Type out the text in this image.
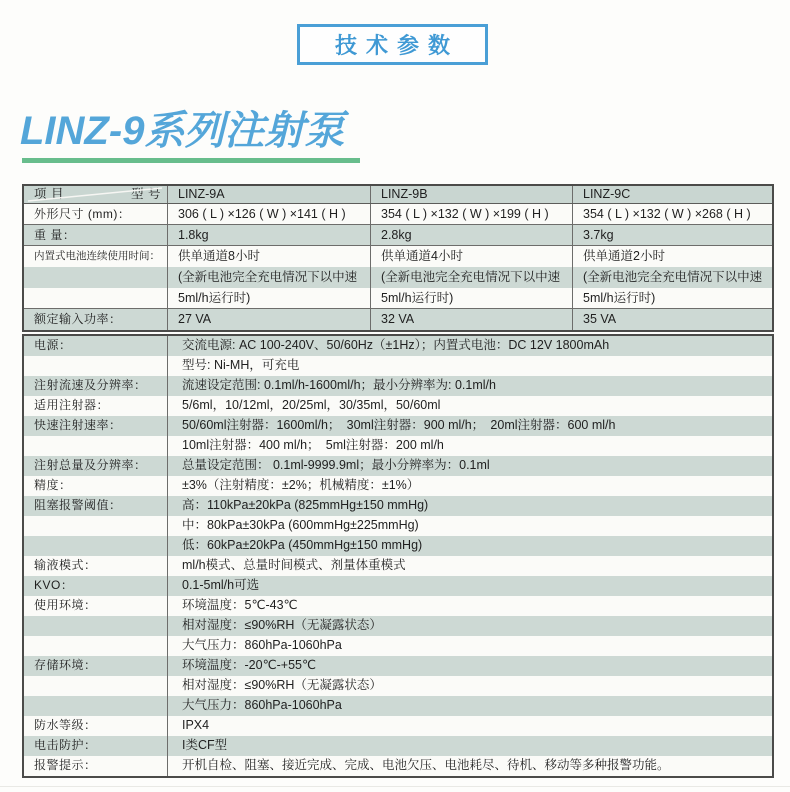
技术参数
LINZ-9系列注射泵
项 目	型 号	LINZ-9A	LINZ-9B	LINZ-9C
外形尺寸 (mm)：	306 ( L ) ×126 ( W ) ×141 ( H )	354 ( L ) ×132 ( W ) ×199 ( H )	354 ( L ) ×132 ( W ) ×268 ( H )
重 量：	1.8kg	2.8kg	3.7kg
内置式电池连续使用时间：	供单通道8小时	供单通道4小时	供单通道2小时
(全新电池完全充电情况下以中速	(全新电池完全充电情况下以中速	(全新电池完全充电情况下以中速
5ml/h运行时)	5ml/h运行时)	5ml/h运行时)
额定输入功率：	27 VA	32 VA	35 VA
电源：	交流电源: AC 100-240V、50/60Hz（±1Hz）；内置式电池：DC 12V 1800mAh
型号: Ni-MH，可充电
注射流速及分辨率：	流速设定范围: 0.1ml/h-1600ml/h；最小分辨率为: 0.1ml/h
适用注射器：	5/6ml，10/12ml，20/25ml，30/35ml，50/60ml
快速注射速率：	50/60ml注射器：1600ml/h；　30ml注射器：900 ml/h；　20ml注射器：600 ml/h
10ml注射器：400 ml/h；　5ml注射器：200 ml/h
注射总量及分辨率：	总量设定范围： 0.1ml-9999.9ml；最小分辨率为：0.1ml
精度：	±3%（注射精度：±2%；机械精度：±1%）
阻塞报警阈值：	高：110kPa±20kPa (825mmHg±150 mmHg)
中：80kPa±30kPa (600mmHg±225mmHg)
低：60kPa±20kPa (450mmHg±150 mmHg)
输液模式：	ml/h模式、总量时间模式、剂量体重模式
KVO：	0.1-5ml/h可选
使用环境：	环境温度：5℃-43℃
相对湿度：≤90%RH（无凝露状态）
大气压力：860hPa-1060hPa
存储环境：	环境温度：-20℃-+55℃
相对湿度：≤90%RH（无凝露状态）
大气压力：860hPa-1060hPa
防水等级：	IPX4
电击防护：	I类CF型
报警提示：	开机自检、阻塞、接近完成、完成、电池欠压、电池耗尽、待机、移动等多种报警功能。
